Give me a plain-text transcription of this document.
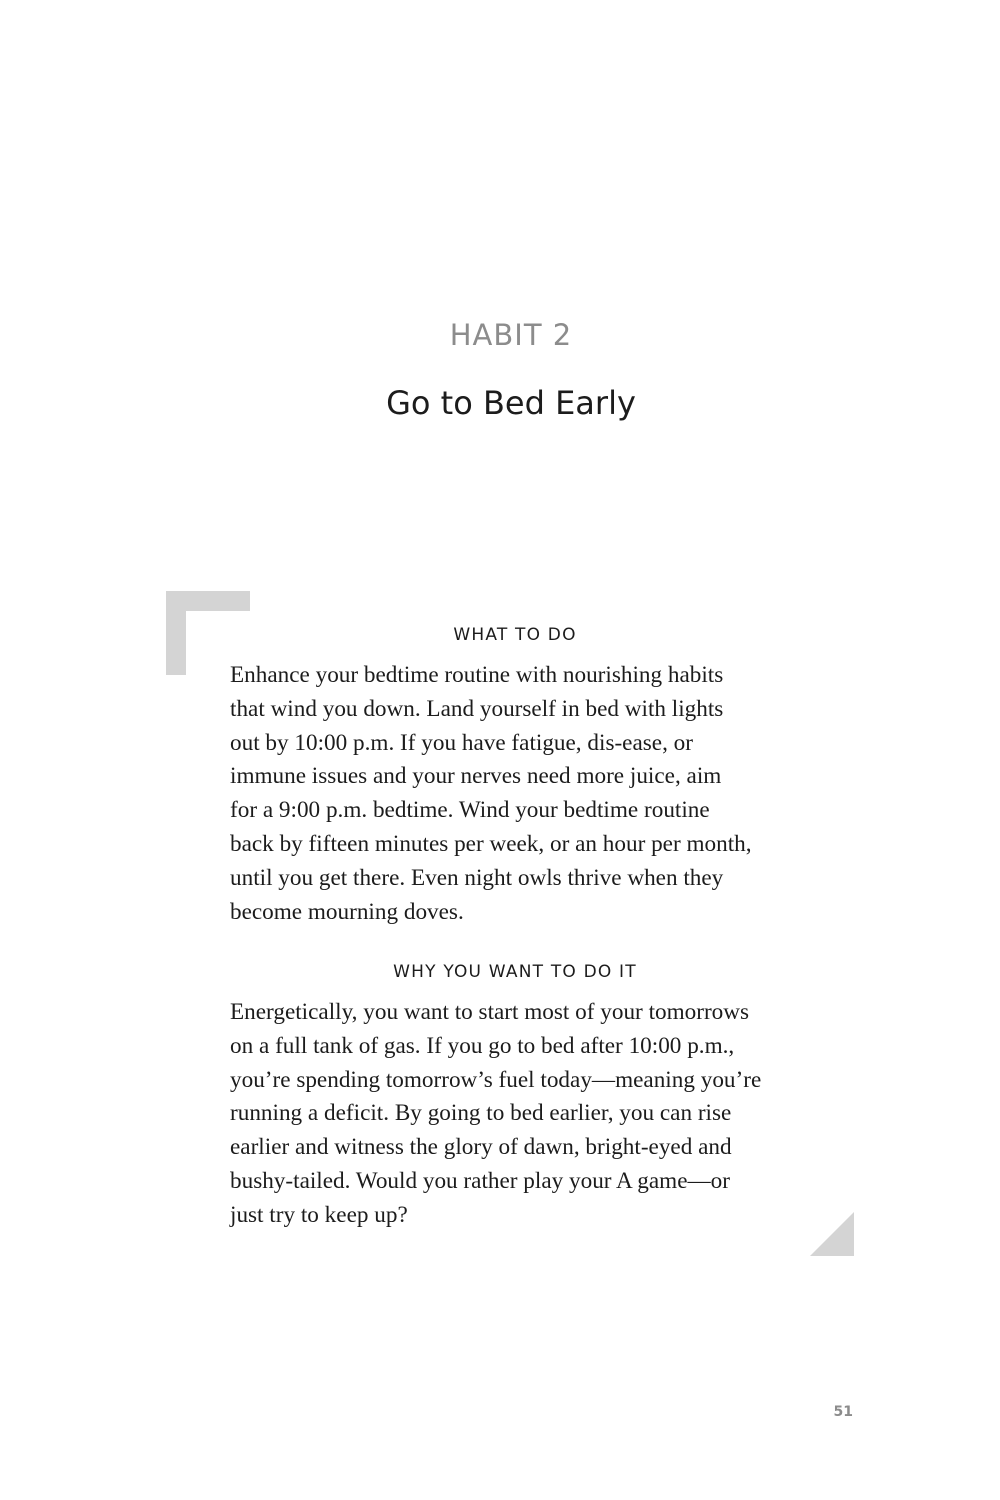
HABIT 2
Go to Bed Early
WHAT TO DO

Enhance your bedtime routine with nourishing habits
that wind you down. Land yourself in bed with lights
out by 10:00 p.m. If you have fatigue, dis-ease, or
immune issues and your nerves need more juice, aim
for a 9:00 p.m. bedtime. Wind your bedtime routine
back by fifteen minutes per week, or an hour per month,
until you get there. Even night owls thrive when they
become mourning doves.

WHY YOU WANT TO DO IT

Energetically, you want to start most of your tomorrows
on a full tank of gas. If you go to bed after 10:00 p.m.,
you’re spending tomorrow’s fuel today—meaning you’re
running a deficit. By going to bed earlier, you can rise
earlier and witness the glory of dawn, bright-eyed and
bushy-tailed. Would you rather play your A game—or
just try to keep up?

51
